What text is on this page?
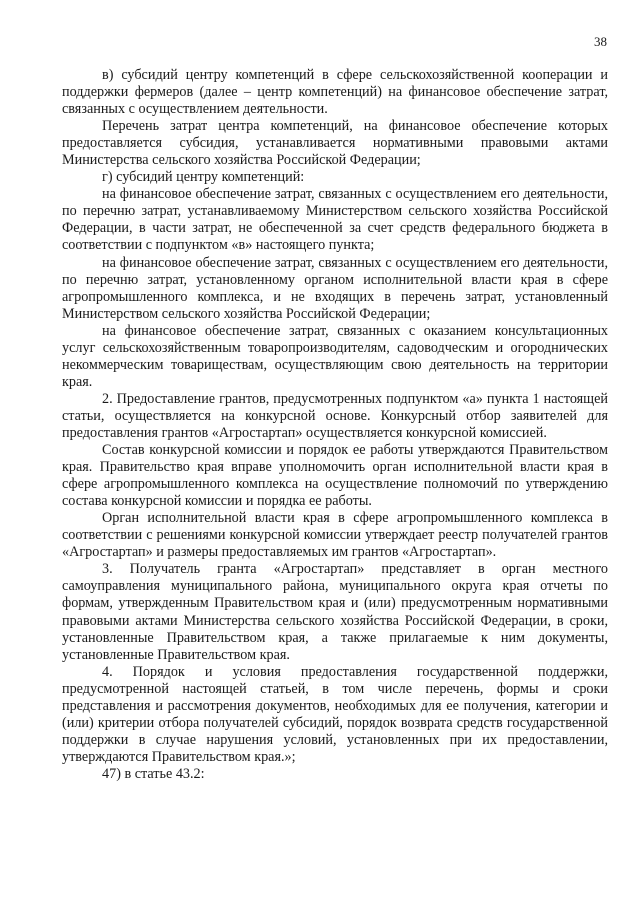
38

в) субсидий центру компетенций в сфере сельскохозяйственной кооперации и поддержки фермеров (далее – центр компетенций) на финансовое обеспечение затрат, связанных с осуществлением деятельности.

Перечень затрат центра компетенций, на финансовое обеспечение которых предоставляется субсидия, устанавливается нормативными правовыми актами Министерства сельского хозяйства Российской Федерации;

г) субсидий центру компетенций:

на финансовое обеспечение затрат, связанных с осуществлением его деятельности, по перечню затрат, устанавливаемому Министерством сельского хозяйства Российской Федерации, в части затрат, не обеспеченной за счет средств федерального бюджета в соответствии с подпунктом «в» настоящего пункта;

на финансовое обеспечение затрат, связанных с осуществлением его деятельности, по перечню затрат, установленному органом исполнительной власти края в сфере агропромышленного комплекса, и не входящих в перечень затрат, установленный Министерством сельского хозяйства Российской Федерации;

на финансовое обеспечение затрат, связанных с оказанием консультационных услуг сельскохозяйственным товаропроизводителям, садоводческим и огороднических некоммерческим товариществам, осуществляющим свою деятельность на территории края.

2. Предоставление грантов, предусмотренных подпунктом «а» пункта 1 настоящей статьи, осуществляется на конкурсной основе. Конкурсный отбор заявителей для предоставления грантов «Агростартап» осуществляется конкурсной комиссией.

Состав конкурсной комиссии и порядок ее работы утверждаются Правительством края. Правительство края вправе уполномочить орган исполнительной власти края в сфере агропромышленного комплекса на осуществление полномочий по утверждению состава конкурсной комиссии и порядка ее работы.

Орган исполнительной власти края в сфере агропромышленного комплекса в соответствии с решениями конкурсной комиссии утверждает реестр получателей грантов «Агростартап» и размеры предоставляемых им грантов «Агростартап».

3. Получатель гранта «Агростартап» представляет в орган местного самоуправления муниципального района, муниципального округа края отчеты по формам, утвержденным Правительством края и (или) предусмотренным нормативными правовыми актами Министерства сельского хозяйства Российской Федерации, в сроки, установленные Правительством края, а также прилагаемые к ним документы, установленные Правительством края.

4. Порядок и условия предоставления государственной поддержки, предусмотренной настоящей статьей, в том числе перечень, формы и сроки представления и рассмотрения документов, необходимых для ее получения, категории и (или) критерии отбора получателей субсидий, порядок возврата средств государственной поддержки в случае нарушения условий, установленных при их предоставлении, утверждаются Правительством края.»;

47) в статье 43.2:
